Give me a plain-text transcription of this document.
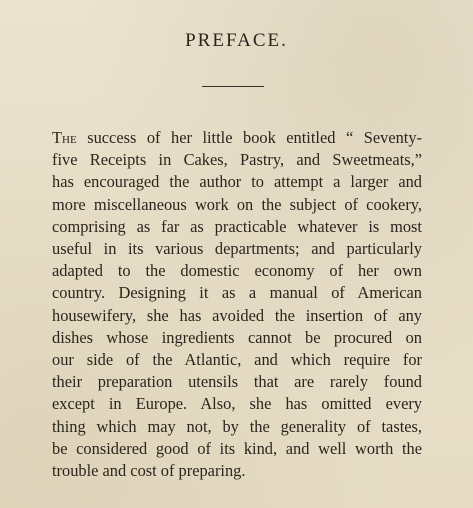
PREFACE.
The success of her little book entitled “ Seventy-
five Receipts in Cakes, Pastry, and Sweetmeats,”
has encouraged the author to attempt a larger and
more miscellaneous work on the subject of cookery,
comprising as far as practicable whatever is most
useful in its various departments; and particularly
adapted to the domestic economy of her own
country. Designing it as a manual of American
housewifery, she has avoided the insertion of any
dishes whose ingredients cannot be procured on
our side of the Atlantic, and which require for
their preparation utensils that are rarely found
except in Europe. Also, she has omitted every
thing which may not, by the generality of tastes,
be considered good of its kind, and well worth the
trouble and cost of preparing.
